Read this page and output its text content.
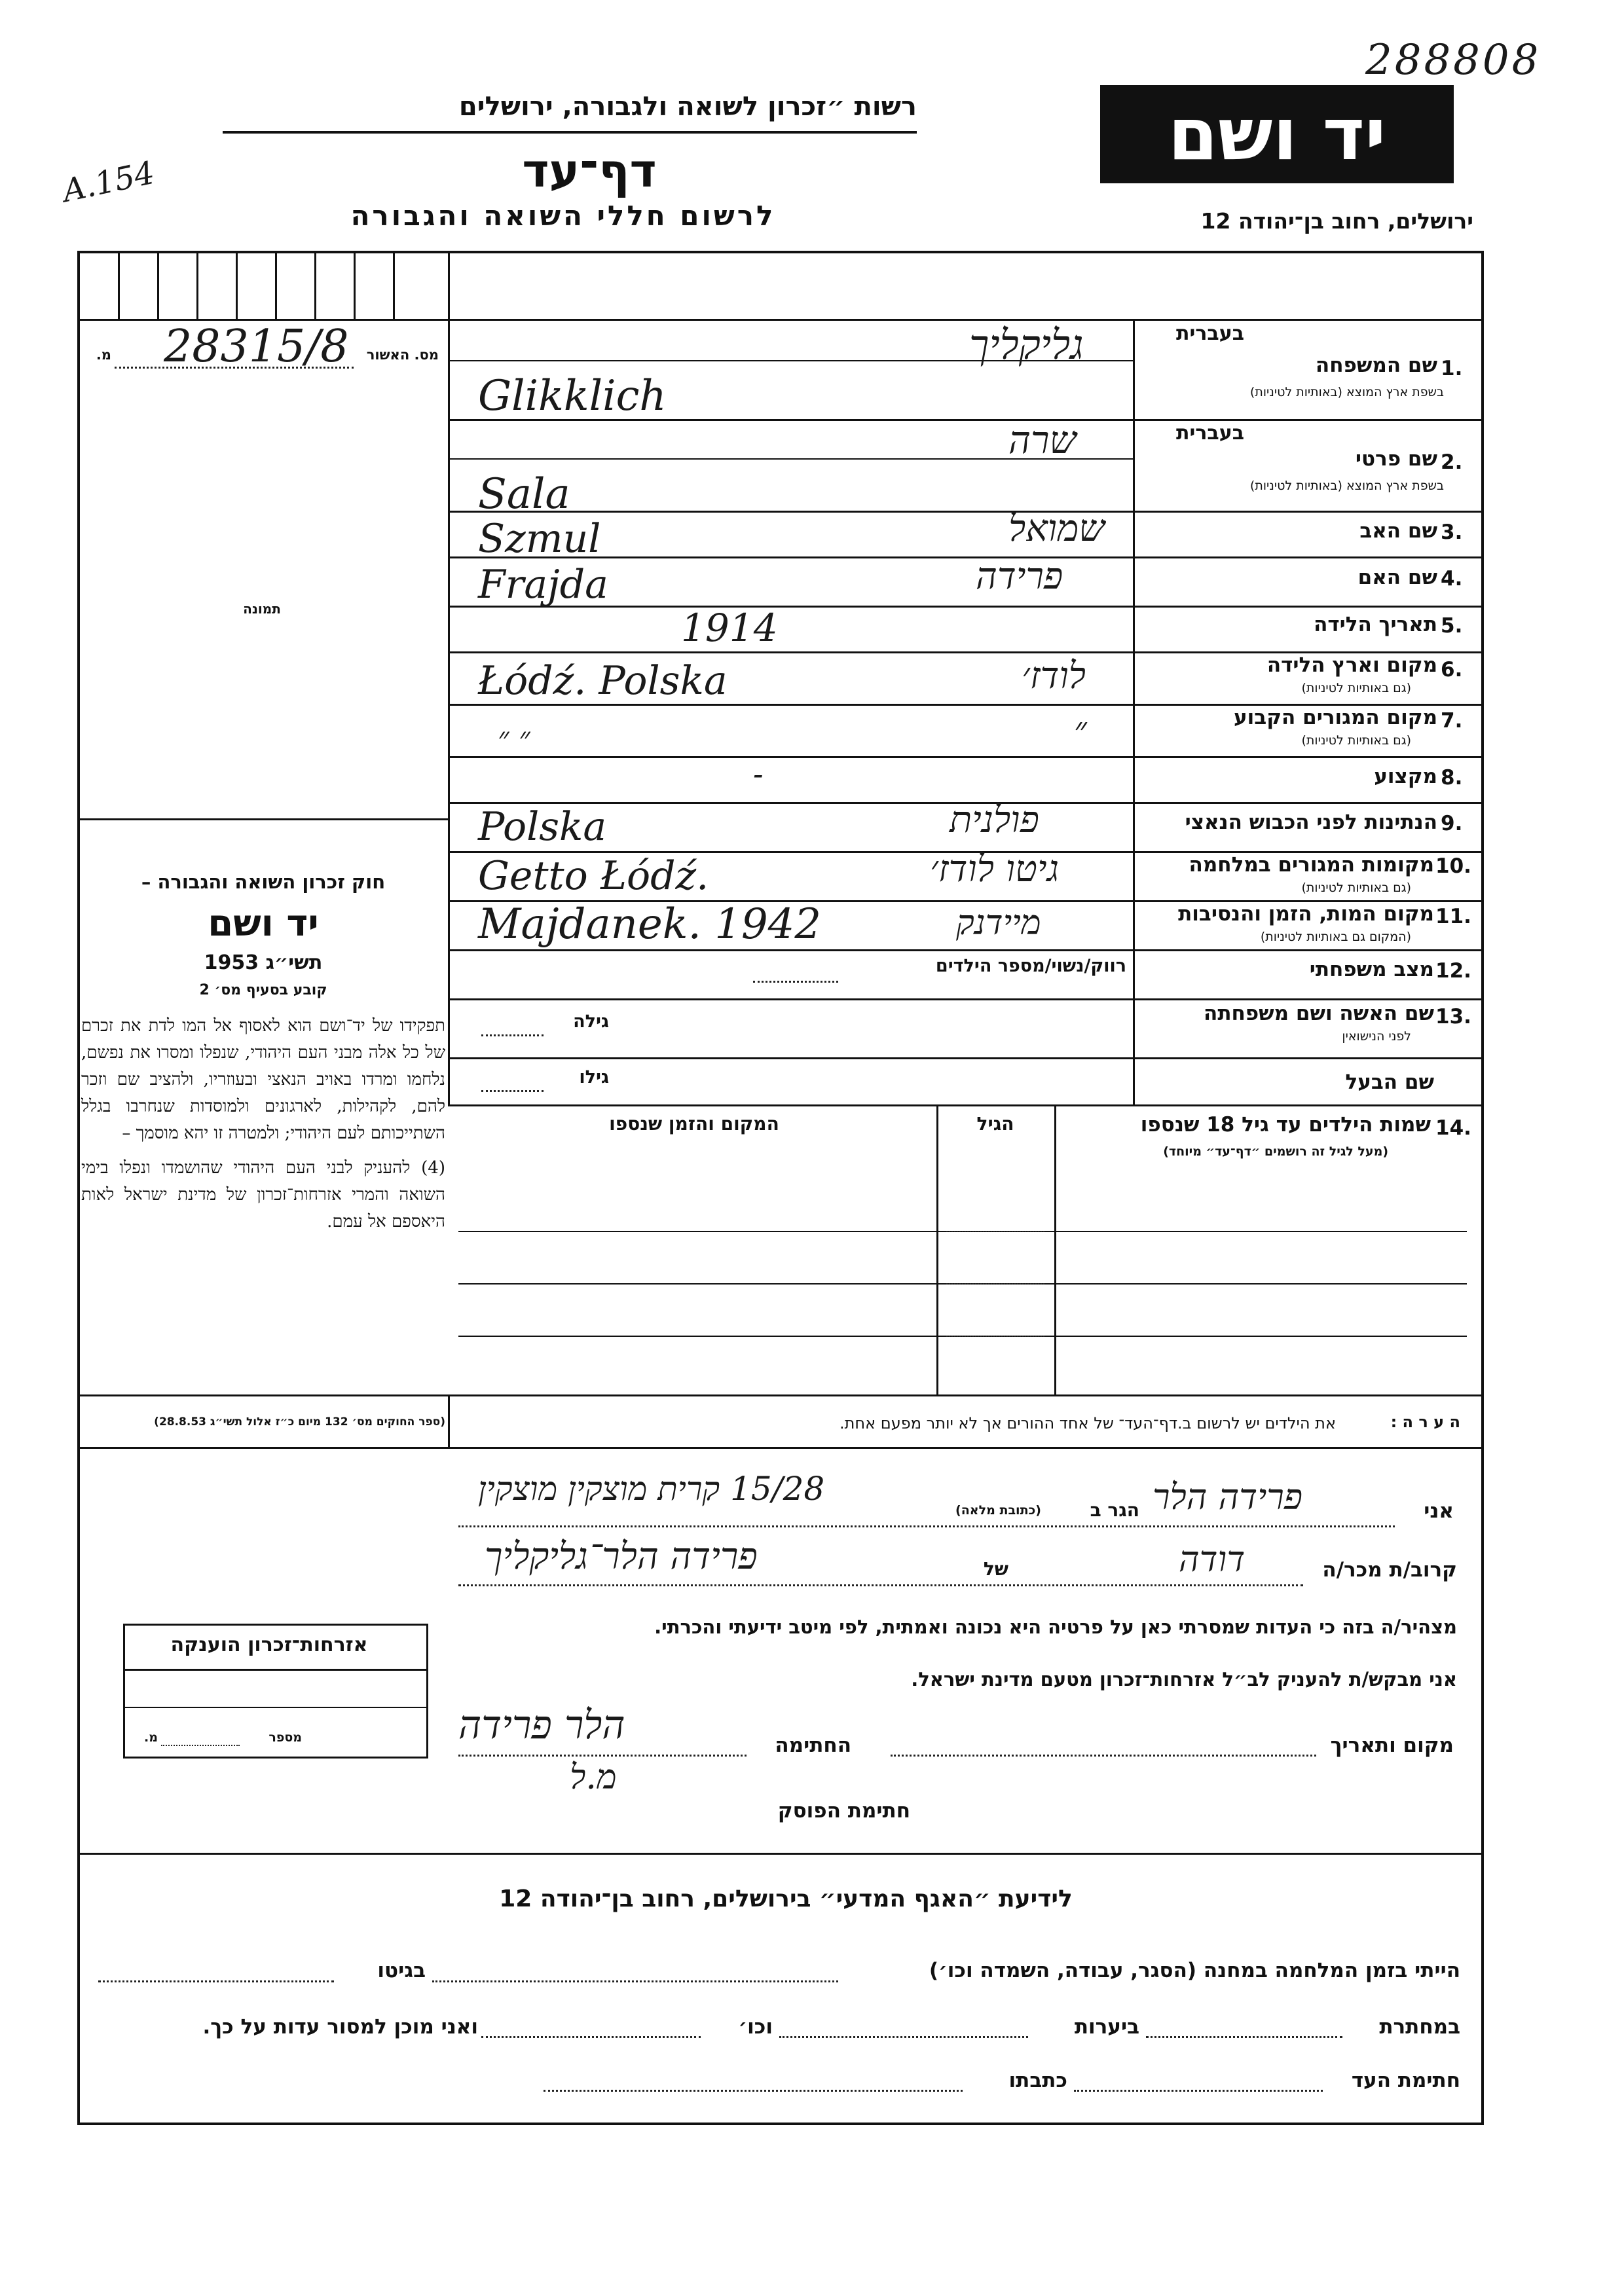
288808
A.154
רשות ״זכרון לשואה ולגבורה, ירושלים
דף־עד
לרשום חללי השואה והגבורה
יד ושם
ירושלים, רחוב בן־יהודה 12
מס. האשור
מ. 28315/8
תמונה

חוק זכרון השואה והגבורה –

יד ושם

תשי״ג 1953

קובע בסעיף מס׳ 2

תפקידו של יד־ושם הוא לאסוף אל המו לדת את זכרם של כל אלה מבני העם היהודי, שנפלו ומסרו את נפשם, נלחמו ומרדו באויב הנאצי ובעוזריו, ולהציב שם וזכר להם, לקהילות, לארגונים ולמוסדות שנחרבו בגלל השתייכותם לעם היהודי; ולמטרה זו יהא מוסמך –

(4) להעניק לבני העם היהודי שהושמדו ונפלו בימי השואה והמרי אזרחות־זכרון של מדינת ישראל לאות היאספם אל עמם.

(ספר החוקים מס׳ 132 מיום כ״ז אלול תשי״ג 28.8.53)
בעברית
1.
שם המשפחה
בשפת ארץ המוצא (באותיות לטיניות)
גליקליך
Glikklich
בעברית
2.
שם פרטי
בשפת ארץ המוצא (באותיות לטיניות)
שרה
Sala
3.
שם האב
שמואל
Szmul
4.
שם האם
פרידה
Frajda
5.
תאריך הלידה
1914
6.
מקום וארץ הלידה
(גם באותיות לטיניות)
לודז׳
Łódź. Polska
7.
מקום המגורים הקבוע
(גם באותיות לטיניות)
״
״ ״
8.
מקצוע
-
9.
הנתינות לפני הכבוש הנאצי
פולנית
Polska
10.
מקומות המגורים במלחמה
(גם באותיות לטיניות)
גיטו לודז׳
Getto Łódź.
11.
מקום המות, הזמן והנסיבות
(המקום גם באותיות לטיניות)
מיידנק
Majdanek. 1942
12.
מצב משפחתי
רווק/נשוי/מספר הילדים
13.
שם האשה ושם משפחתה
לפני הנישואין
גילה
שם הבעל
גילו
14.
שמות הילדים עד גיל 18 שנספו
(מעל לגיל זה רושמים ״דף־עד״ מיוחד)
הגיל
המקום והזמן שנספו
ה ע ר ה :
את הילדים יש לרשום ב.דף־העד־ של אחד ההורים אך לא יותר מפעם אחת.
אני
פרידה הלר
הגר ב
(כתובת מלאה)
15/28 קרית מוצקין מוצקין
קרוב/ת מכר/ה
דודה
של
פרידה הלר־גליקליך
מצהיר/ה בזה כי העדות שמסרתי כאן על פרטיה היא נכונה ואמתית, לפי מיטב ידיעתי והכרתי.
אני מבקש/ת להעניק לב״ל אזרחות־זכרון מטעם מדינת ישראל.
מקום ותאריך
החתימה
הלר פרידה
חתימת הפוסק
מ.ל
אזרחות־זכרון הוענקה
מספר
מ.
לידיעת ״האגף המדעי״ בירושלים, רחוב בן־יהודה 12
הייתי בזמן המלחמה במחנה (הסגר, עבודה, השמדה וכו׳)
בגיטו
במחתרת
ביערות
וכו׳
ואני מוכן למסור עדות על כך.
חתימת העד
כתבתו
